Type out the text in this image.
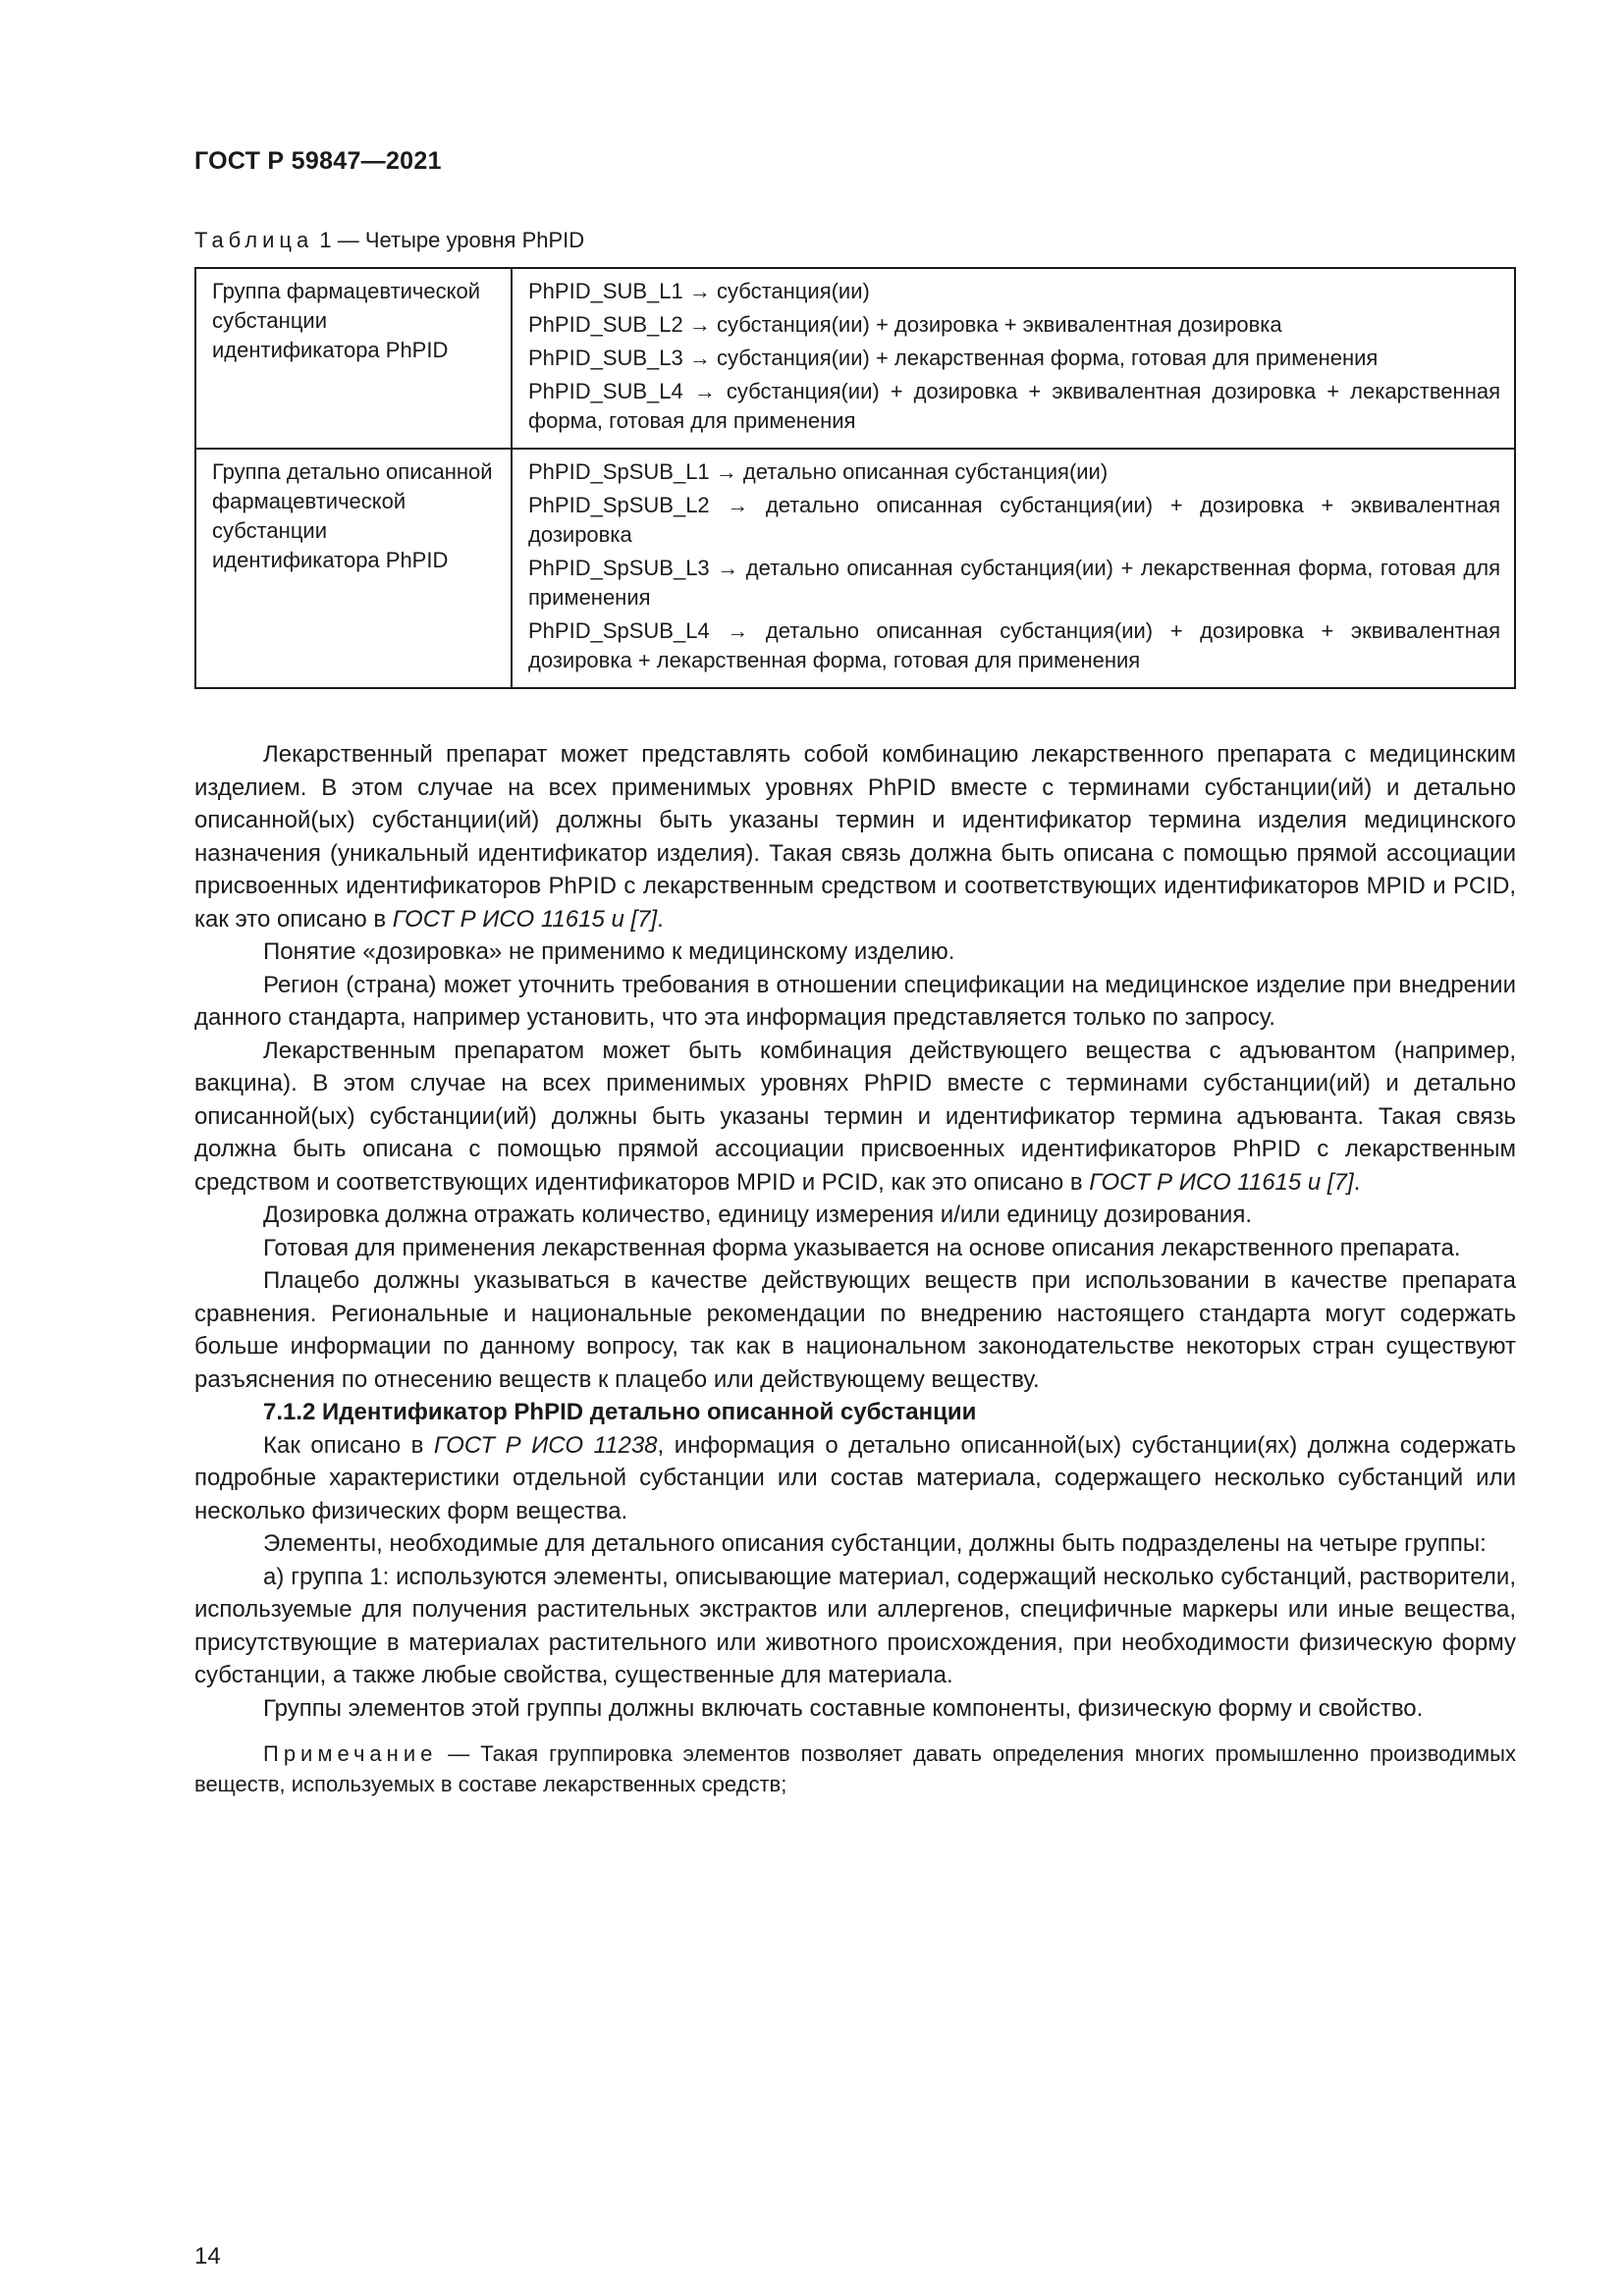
ГОСТ Р 59847—2021
Таблица 1 — Четыре уровня PhPID
Группа фармацевтической субстанции идентификатора PhPID	PhPID_SUB_L1 → субстанция(ии)
PhPID_SUB_L2 → субстанция(ии) + дозировка + эквивалентная дозировка
PhPID_SUB_L3 → субстанция(ии) + лекарственная форма, готовая для применения
PhPID_SUB_L4 → субстанция(ии) + дозировка + эквивалентная дозировка + лекарственная форма, готовая для применения

Группа детально описанной фармацевтической субстанции идентификатора PhPID	PhPID_SpSUB_L1 → детально описанная субстанция(ии)
PhPID_SpSUB_L2 → детально описанная субстанция(ии) + дозировка + эквивалентная дозировка
PhPID_SpSUB_L3 → детально описанная субстанция(ии) + лекарственная форма, готовая для применения
PhPID_SpSUB_L4 → детально описанная субстанция(ии) + дозировка + эквивалентная дозировка + лекарственная форма, готовая для применения

Лекарственный препарат может представлять собой комбинацию лекарственного препарата с медицинским изделием. В этом случае на всех применимых уровнях PhPID вместе с терминами субстанции(ий) и детально описанной(ых) субстанции(ий) должны быть указаны термин и идентификатор термина изделия медицинского назначения (уникальный идентификатор изделия). Такая связь должна быть описана с помощью прямой ассоциации присвоенных идентификаторов PhPID с лекарственным средством и соответствующих идентификаторов MPID и PCID, как это описано в ГОСТ Р ИСО 11615 и [7].

Понятие «дозировка» не применимо к медицинскому изделию.

Регион (страна) может уточнить требования в отношении спецификации на медицинское изделие при внедрении данного стандарта, например установить, что эта информация представляется только по запросу.

Лекарственным препаратом может быть комбинация действующего вещества с адъювантом (например, вакцина). В этом случае на всех применимых уровнях PhPID вместе с терминами субстанции(ий) и детально описанной(ых) субстанции(ий) должны быть указаны термин и идентификатор термина адъюванта. Такая связь должна быть описана с помощью прямой ассоциации присвоенных идентификаторов PhPID с лекарственным средством и соответствующих идентификаторов MPID и PCID, как это описано в ГОСТ Р ИСО 11615 и [7].

Дозировка должна отражать количество, единицу измерения и/или единицу дозирования.

Готовая для применения лекарственная форма указывается на основе описания лекарственного препарата.

Плацебо должны указываться в качестве действующих веществ при использовании в качестве препарата сравнения. Региональные и национальные рекомендации по внедрению настоящего стандарта могут содержать больше информации по данному вопросу, так как в национальном законодательстве некоторых стран существуют разъяснения по отнесению веществ к плацебо или действующему веществу.

7.1.2 Идентификатор PhPID детально описанной субстанции

Как описано в ГОСТ Р ИСО 11238, информация о детально описанной(ых) субстанции(ях) должна содержать подробные характеристики отдельной субстанции или состав материала, содержащего несколько субстанций или несколько физических форм вещества.

Элементы, необходимые для детального описания субстанции, должны быть подразделены на четыре группы:

а) группа 1: используются элементы, описывающие материал, содержащий несколько субстанций, растворители, используемые для получения растительных экстрактов или аллергенов, специфичные маркеры или иные вещества, присутствующие в материалах растительного или животного происхождения, при необходимости физическую форму субстанции, а также любые свойства, существенные для материала.

Группы элементов этой группы должны включать составные компоненты, физическую форму и свойство.

Примечание — Такая группировка элементов позволяет давать определения многих промышленно производимых веществ, используемых в составе лекарственных средств;

14
